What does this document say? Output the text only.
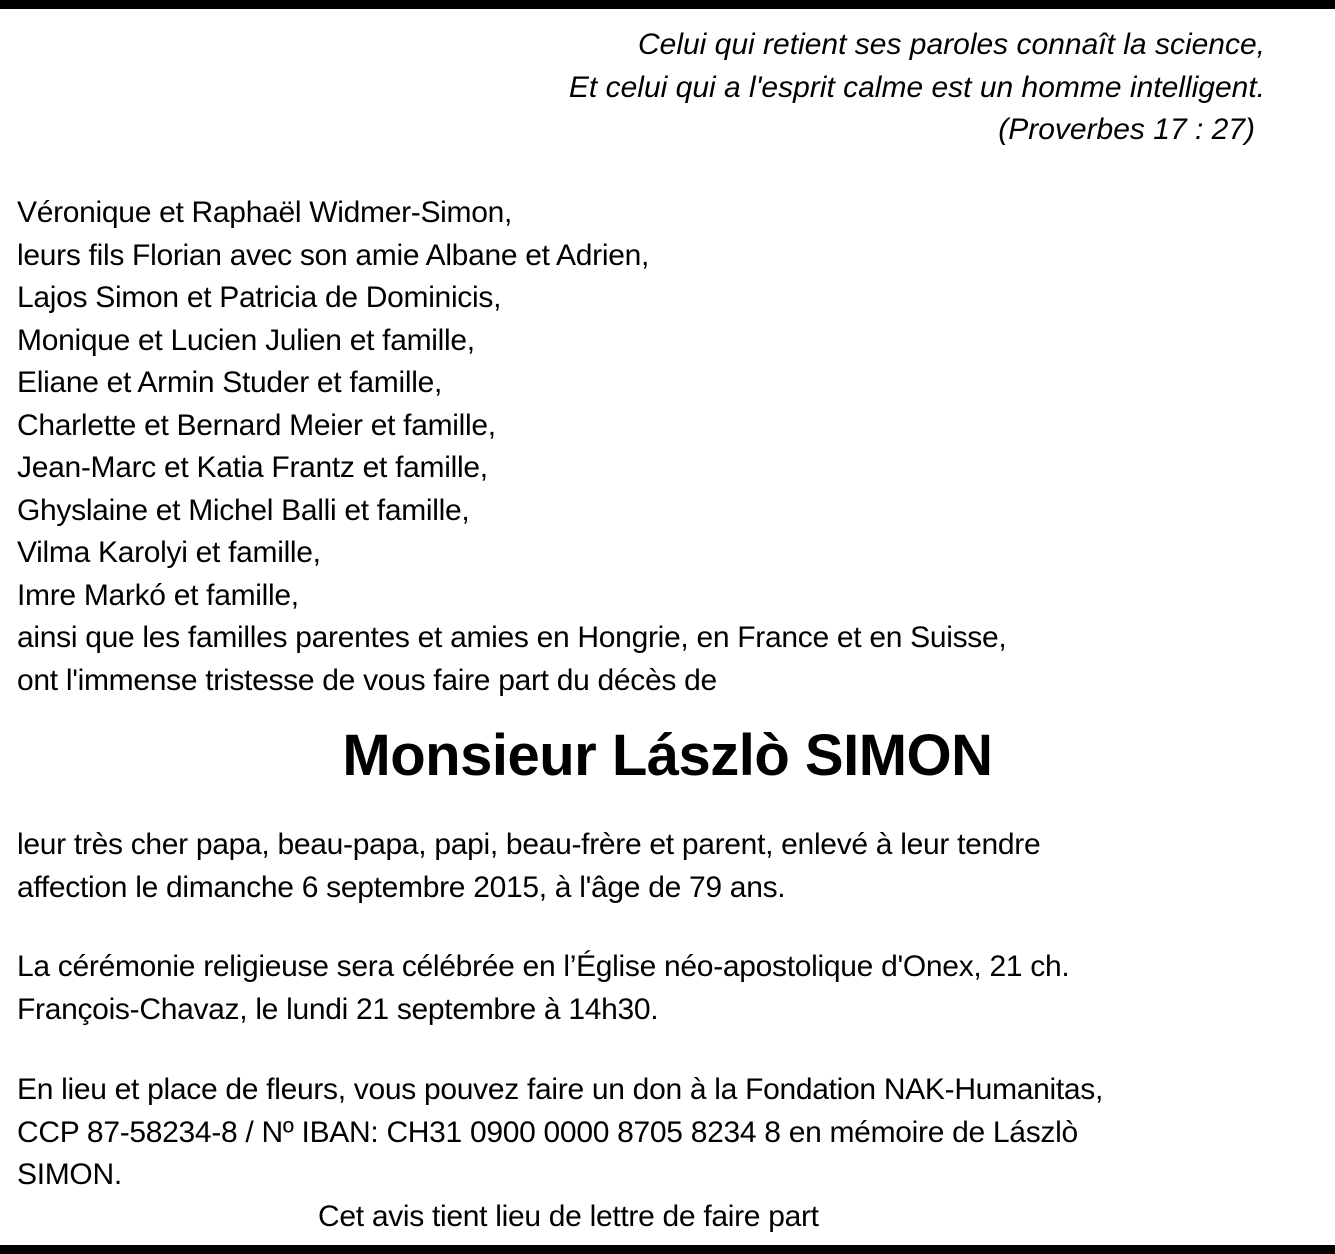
Celui qui retient ses paroles connaît la science,
Et celui qui a l'esprit calme est un homme intelligent.
(Proverbes 17 : 27)
Véronique et Raphaël Widmer-Simon,
leurs fils Florian avec son amie Albane et Adrien,
Lajos Simon et Patricia de Dominicis,
Monique et Lucien Julien et famille,
Eliane et Armin Studer et famille,
Charlette et Bernard Meier et famille,
Jean-Marc et Katia Frantz et famille,
Ghyslaine et Michel Balli et famille,
Vilma Karolyi et famille,
Imre Markó et famille,
ainsi que les familles parentes et amies en Hongrie, en France et en Suisse,
ont l'immense tristesse de vous faire part du décès de
Monsieur Lászlò SIMON
leur très cher papa, beau-papa, papi, beau-frère et parent, enlevé à leur tendre
affection le dimanche 6 septembre 2015, à l'âge de 79 ans.
La cérémonie religieuse sera célébrée en l’Église néo-apostolique d'Onex, 21 ch.
François-Chavaz, le lundi 21 septembre à 14h30.
En lieu et place de fleurs, vous pouvez faire un don à la Fondation NAK-Humanitas,
CCP 87-58234-8 / Nº IBAN: CH31 0900 0000 8705 8234 8 en mémoire de Lászlò
SIMON.
Cet avis tient lieu de lettre de faire part
